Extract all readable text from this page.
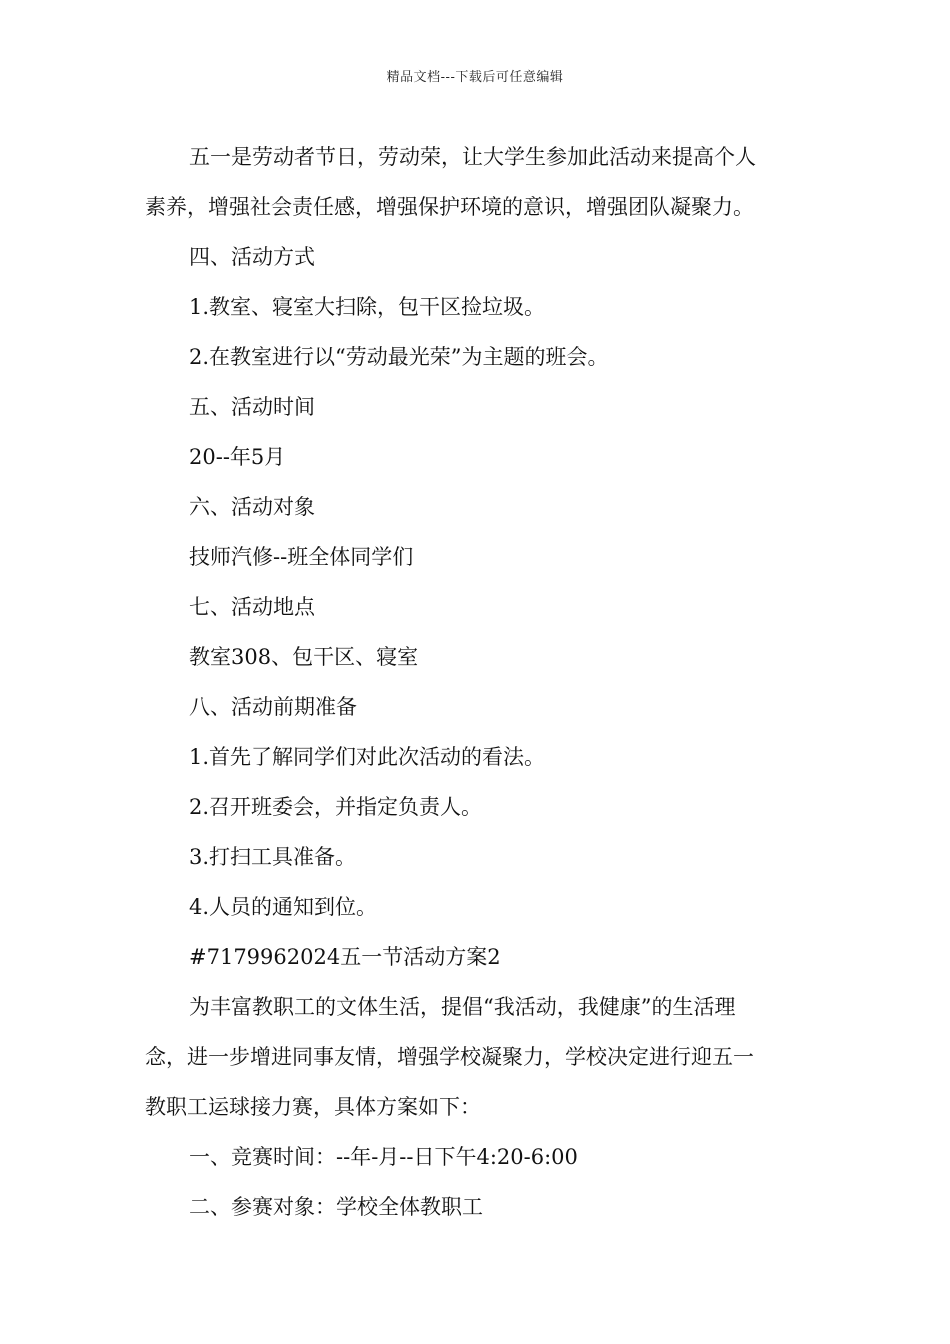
精品文档---下载后可任意编辑
五一是劳动者节日，劳动荣，让大学生参加此活动来提高个人
素养，增强社会责任感，增强保护环境的意识，增强团队凝聚力。
四、活动方式
1.教室、寝室大扫除，包干区捡垃圾。
2.在教室进行以“劳动最光荣”为主题的班会。
五、活动时间
20--年5月
六、活动对象
技师汽修--班全体同学们
七、活动地点
教室308、包干区、寝室
八、活动前期准备
1.首先了解同学们对此次活动的看法。
2.召开班委会，并指定负责人。
3.打扫工具准备。
4.人员的通知到位。
#7179962024五一节活动方案2
为丰富教职工的文体生活，提倡“我活动，我健康”的生活理
念，进一步增进同事友情，增强学校凝聚力，学校决定进行迎五一
教职工运球接力赛，具体方案如下：
一、竞赛时间：--年-月--日下午4:20-6:00
二、参赛对象：学校全体教职工
